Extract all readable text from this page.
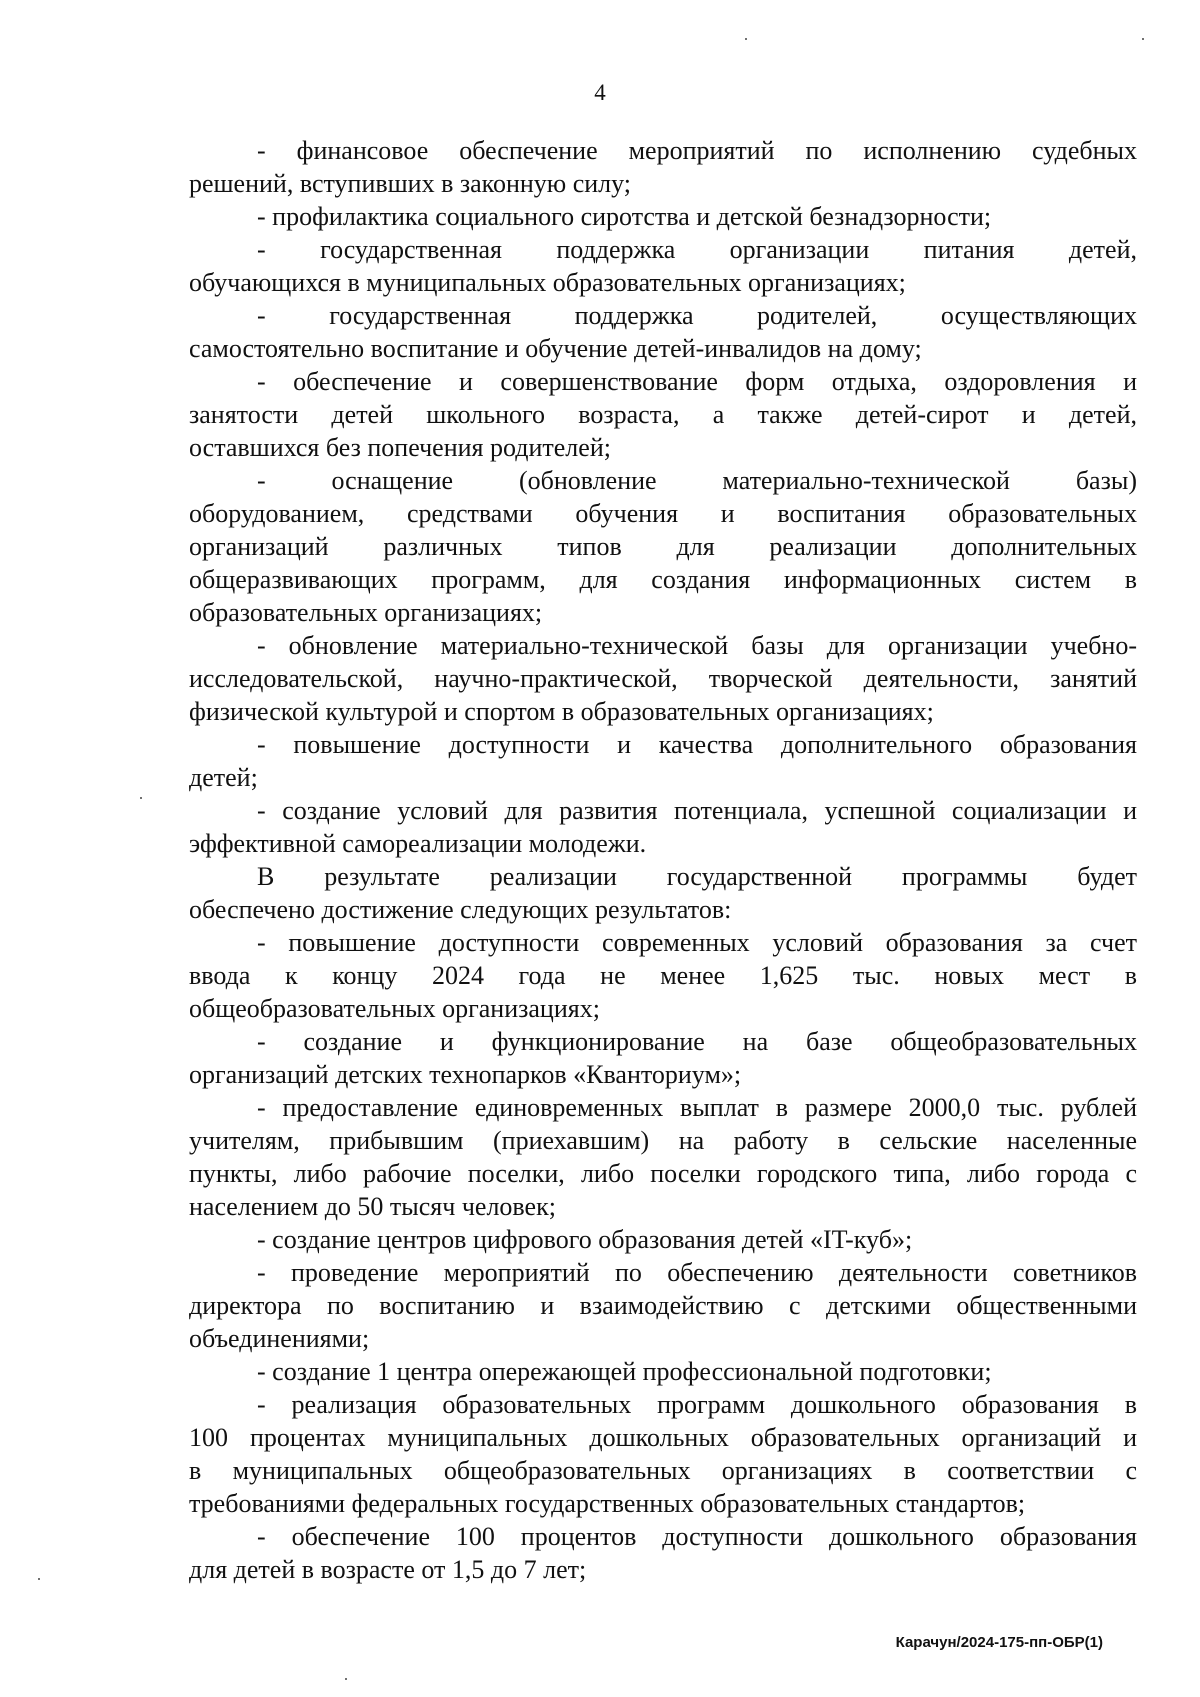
4
- финансовое обеспечение мероприятий по исполнению судебных
решений, вступивших в законную силу;
- профилактика социального сиротства и детской безнадзорности;
- государственная поддержка организации питания детей,
обучающихся в муниципальных образовательных организациях;
- государственная поддержка родителей, осуществляющих
самостоятельно воспитание и обучение детей-инвалидов на дому;
- обеспечение и совершенствование форм отдыха, оздоровления и
занятости детей школьного возраста, а также детей-сирот и детей,
оставшихся без попечения родителей;
- оснащение (обновление материально-технической базы)
оборудованием, средствами обучения и воспитания образовательных
организаций различных типов для реализации дополнительных
общеразвивающих программ, для создания информационных систем в
образовательных организациях;
- обновление материально-технической базы для организации учебно-
исследовательской, научно-практической, творческой деятельности, занятий
физической культурой и спортом в образовательных организациях;
- повышение доступности и качества дополнительного образования
детей;
- создание условий для развития потенциала, успешной социализации и
эффективной самореализации молодежи.
В результате реализации государственной программы будет
обеспечено достижение следующих результатов:
- повышение доступности современных условий образования за счет
ввода к концу 2024 года не менее 1,625 тыс. новых мест в
общеобразовательных организациях;
- создание и функционирование на базе общеобразовательных
организаций детских технопарков «Кванториум»;
- предоставление единовременных выплат в размере 2000,0 тыс. рублей
учителям, прибывшим (приехавшим) на работу в сельские населенные
пункты, либо рабочие поселки, либо поселки городского типа, либо города с
населением до 50 тысяч человек;
- создание центров цифрового образования детей «IT-куб»;
- проведение мероприятий по обеспечению деятельности советников
директора по воспитанию и взаимодействию с детскими общественными
объединениями;
- создание 1 центра опережающей профессиональной подготовки;
- реализация образовательных программ дошкольного образования в
100 процентах муниципальных дошкольных образовательных организаций и
в муниципальных общеобразовательных организациях в соответствии с
требованиями федеральных государственных образовательных стандартов;
- обеспечение 100 процентов доступности дошкольного образования
для детей в возрасте от 1,5 до 7 лет;
Карачун/2024-175-пп-ОБР(1)
